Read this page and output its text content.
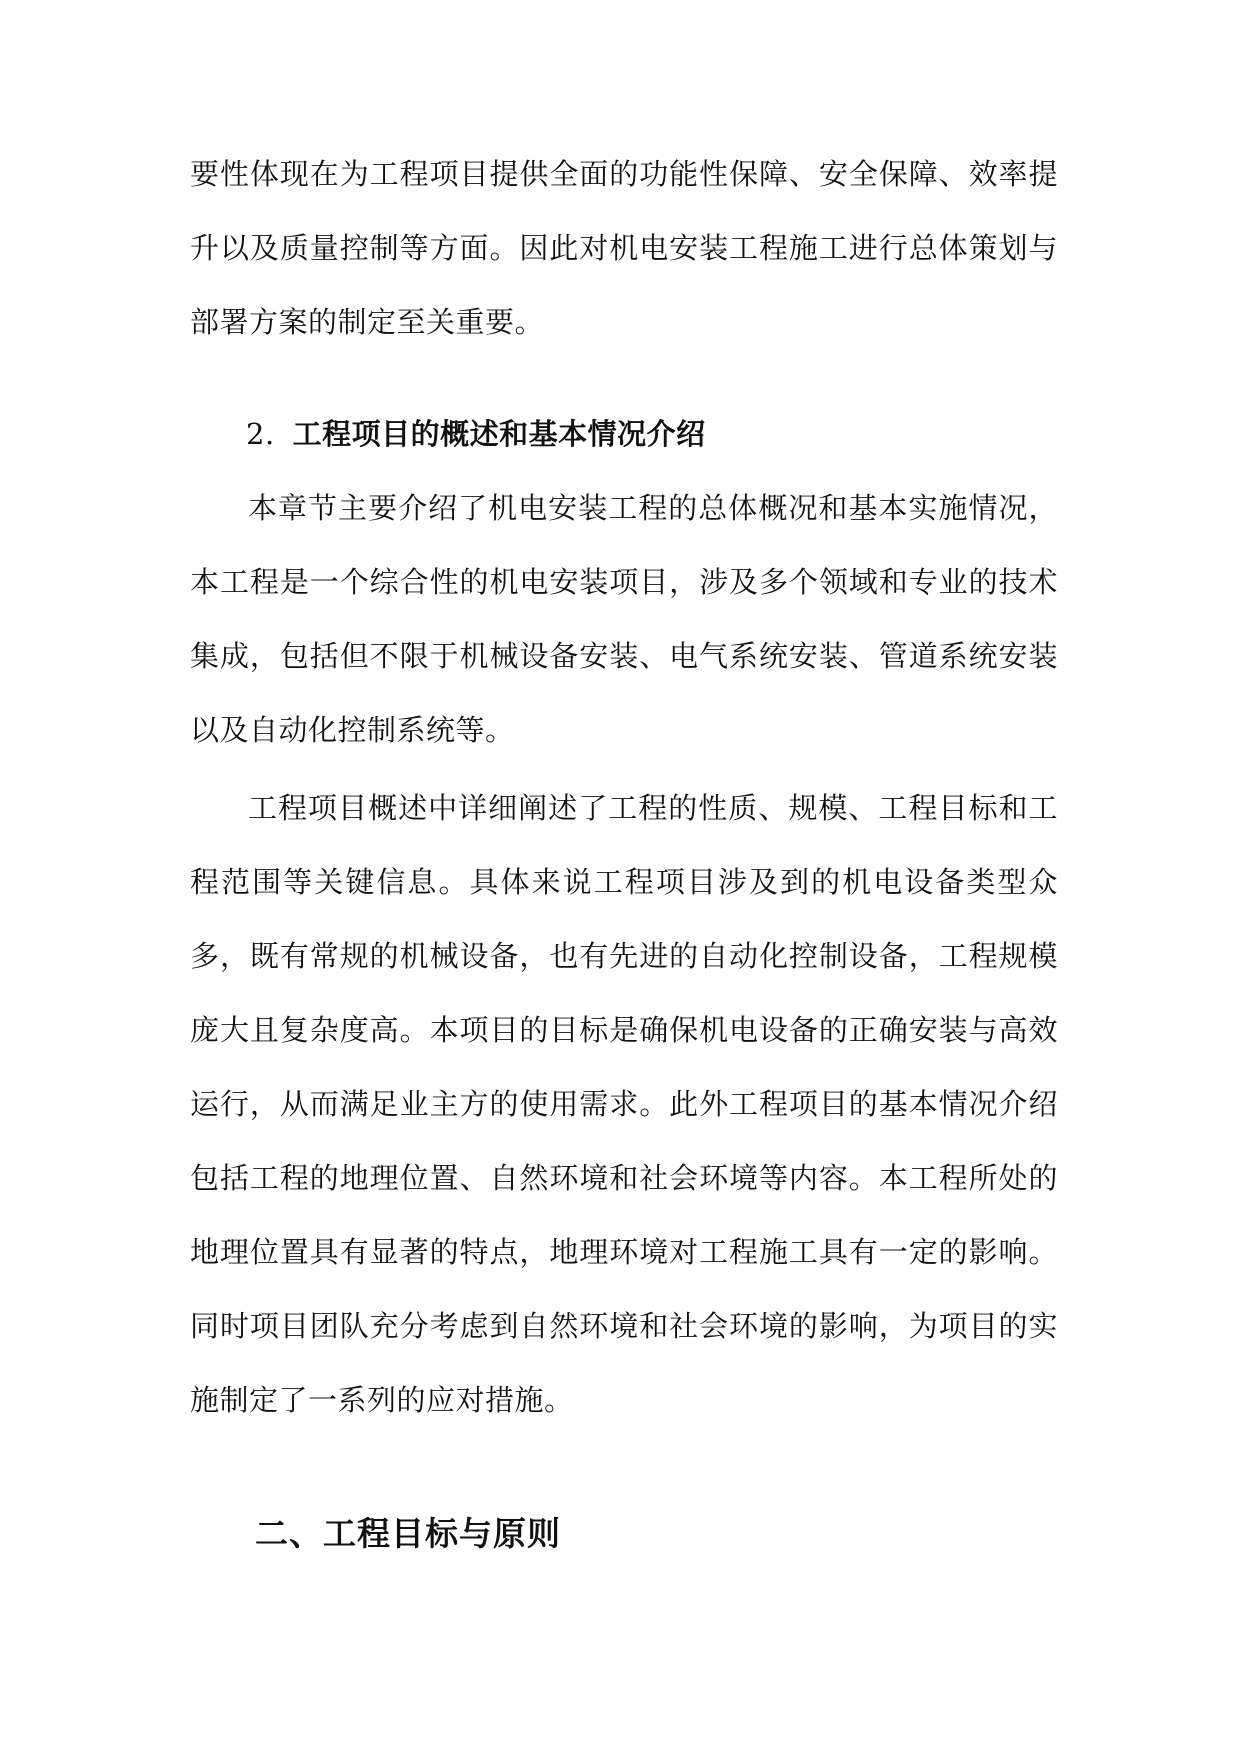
要性体现在为工程项目提供全面的功能性保障、安全保障、效率提升以及质量控制等方面。因此对机电安装工程施工进行总体策划与部署方案的制定至关重要。

2. 工程项目的概述和基本情况介绍

本章节主要介绍了机电安装工程的总体概况和基本实施情况，本工程是一个综合性的机电安装项目，涉及多个领域和专业的技术集成，包括但不限于机械设备安装、电气系统安装、管道系统安装以及自动化控制系统等。

工程项目概述中详细阐述了工程的性质、规模、工程目标和工程范围等关键信息。具体来说工程项目涉及到的机电设备类型众多，既有常规的机械设备，也有先进的自动化控制设备，工程规模庞大且复杂度高。本项目的目标是确保机电设备的正确安装与高效运行，从而满足业主方的使用需求。此外工程项目的基本情况介绍包括工程的地理位置、自然环境和社会环境等内容。本工程所处的地理位置具有显著的特点，地理环境对工程施工具有一定的影响。同时项目团队充分考虑到自然环境和社会环境的影响，为项目的实施制定了一系列的应对措施。

二、工程目标与原则
